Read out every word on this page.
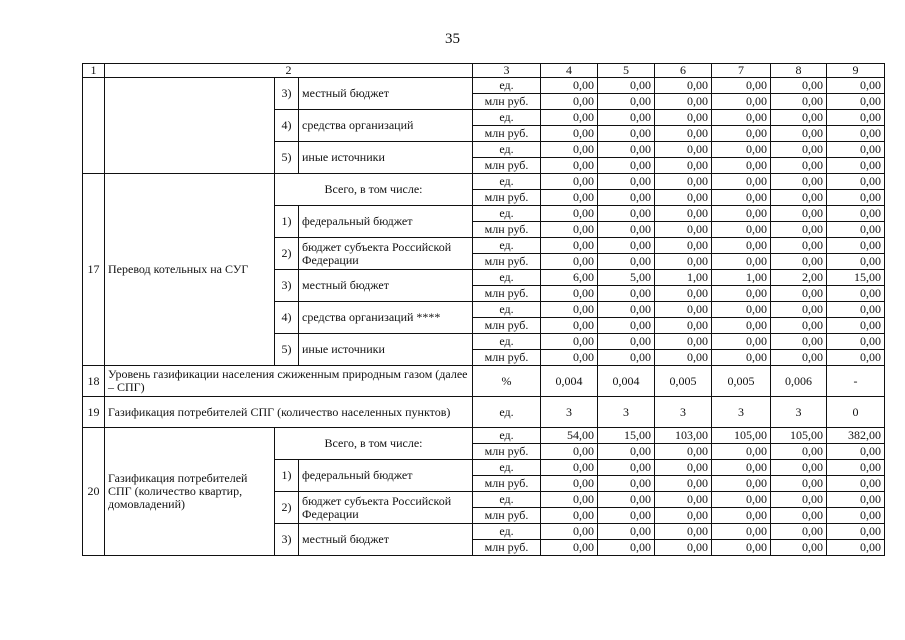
35
1	2			3	4	5	6	7	8	9
		3)	местный бюджет	ед.	0,00	0,00	0,00	0,00	0,00	0,00
				млн руб.	0,00	0,00	0,00	0,00	0,00	0,00
		4)	средства организаций	ед.	0,00	0,00	0,00	0,00	0,00	0,00
				млн руб.	0,00	0,00	0,00	0,00	0,00	0,00
		5)	иные источники	ед.	0,00	0,00	0,00	0,00	0,00	0,00
				млн руб.	0,00	0,00	0,00	0,00	0,00	0,00
17	Перевод котельных на СУГ	Всего, в том числе:		ед.	0,00	0,00	0,00	0,00	0,00	0,00
				млн руб.	0,00	0,00	0,00	0,00	0,00	0,00
		1)	федеральный бюджет	ед.	0,00	0,00	0,00	0,00	0,00	0,00
				млн руб.	0,00	0,00	0,00	0,00	0,00	0,00
		2)	бюджет субъекта Российской Федерации	ед.	0,00	0,00	0,00	0,00	0,00	0,00
				млн руб.	0,00	0,00	0,00	0,00	0,00	0,00
		3)	местный бюджет	ед.	6,00	5,00	1,00	1,00	2,00	15,00
				млн руб.	0,00	0,00	0,00	0,00	0,00	0,00
		4)	средства организаций ****	ед.	0,00	0,00	0,00	0,00	0,00	0,00
				млн руб.	0,00	0,00	0,00	0,00	0,00	0,00
		5)	иные источники	ед.	0,00	0,00	0,00	0,00	0,00	0,00
				млн руб.	0,00	0,00	0,00	0,00	0,00	0,00
18	Уровень газификации населения сжиженным природным газом (далее – СПГ)			%	0,004	0,004	0,005	0,005	0,006	-
19	Газификация потребителей СПГ (количество населенных пунктов)			ед.	3	3	3	3	3	0
20	Газификация потребителей СПГ (количество квартир, домовладений)	Всего, в том числе:		ед.	54,00	15,00	103,00	105,00	105,00	382,00
				млн руб.	0,00	0,00	0,00	0,00	0,00	0,00
		1)	федеральный бюджет	ед.	0,00	0,00	0,00	0,00	0,00	0,00
				млн руб.	0,00	0,00	0,00	0,00	0,00	0,00
		2)	бюджет субъекта Российской Федерации	ед.	0,00	0,00	0,00	0,00	0,00	0,00
				млн руб.	0,00	0,00	0,00	0,00	0,00	0,00
		3)	местный бюджет	ед.	0,00	0,00	0,00	0,00	0,00	0,00
				млн руб.	0,00	0,00	0,00	0,00	0,00	0,00
